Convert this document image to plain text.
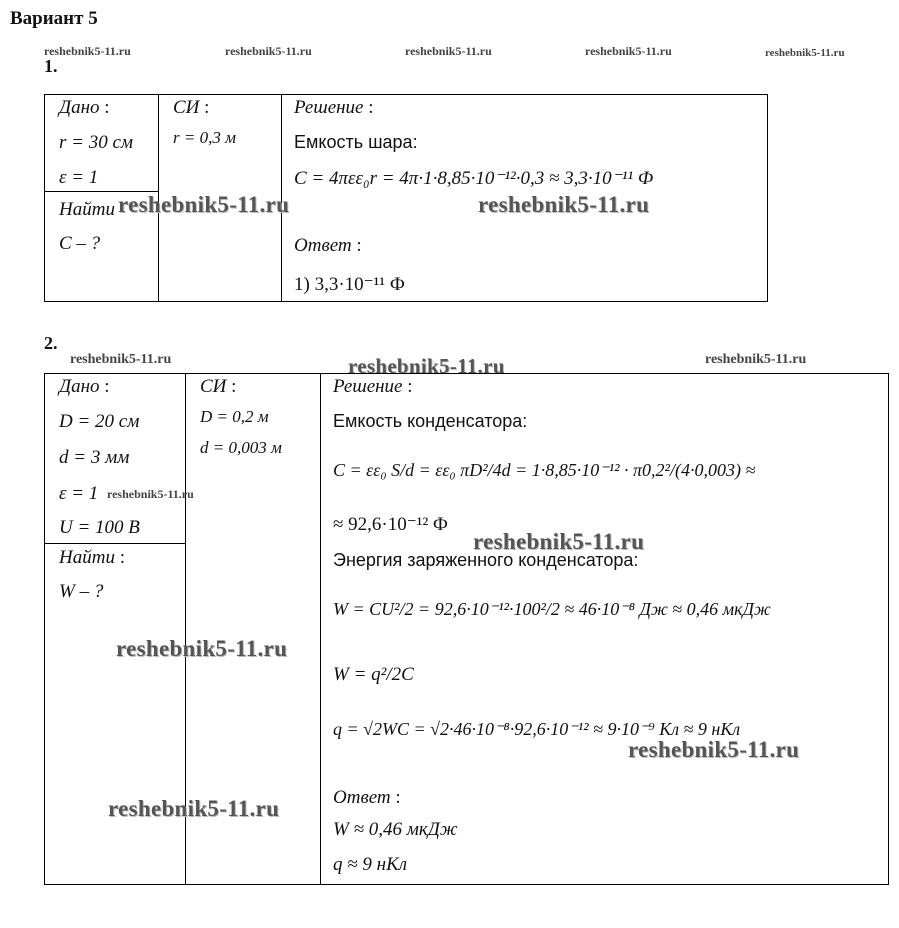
Вариант 5
reshebnik5-11.ru	reshebnik5-11.ru	reshebnik5-11.ru	reshebnik5-11.ru	reshebnik5-11.ru
1.
Дано :
r = 30 см
ε = 1
Найти
C – ?

СИ :
r = 0,3 м

Решение :
Емкость шара:
C = 4πεε₀r = 4π·1·8,85·10⁻¹²·0,3 ≈ 3,3·10⁻¹¹ Ф
Ответ :
1) 3,3·10⁻¹¹ Ф
reshebnik5-11.ru	reshebnik5-11.ru
2.
reshebnik5-11.ru	reshebnik5-11.ru	reshebnik5-11.ru
Дано :
D = 20 см
d = 3 мм
ε = 1
U = 100 В
Найти :
W – ?

СИ :
D = 0,2 м
d = 0,003 м

Решение :
Емкость конденсатора:
C = εε₀ S/d = εε₀ πD²/4d = 1·8,85·10⁻¹² · π0,2²/(4·0,003) ≈
≈ 92,6·10⁻¹² Ф
Энергия заряженного конденсатора:
W = CU²/2 = 92,6·10⁻¹²·100²/2 ≈ 46·10⁻⁸ Дж ≈ 0,46 мкДж
W = q²/2C
q = √2WC = √2·46·10⁻⁸·92,6·10⁻¹² ≈ 9·10⁻⁹ Кл ≈ 9 нКл
Ответ :
W ≈ 0,46 мкДж
q ≈ 9 нКл
reshebnik5-11.ru
reshebnik5-11.ru
reshebnik5-11.ru
reshebnik5-11.ru
reshebnik5-11.ru
